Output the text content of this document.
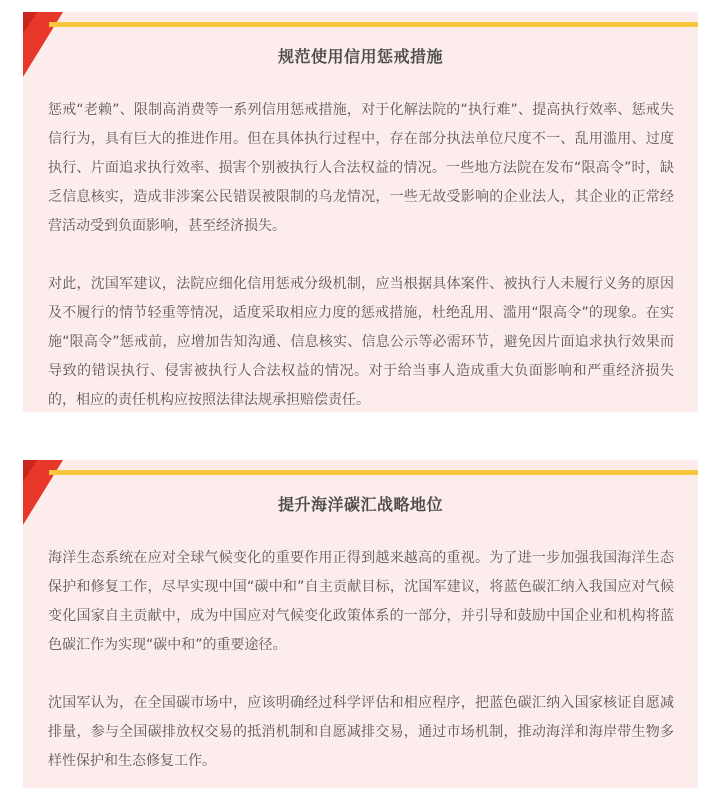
规范使用信用惩戒措施

惩戒“老赖”、限制高消费等一系列信用惩戒措施，对于化解法院的“执行难”、提高执行效率、惩戒失信行为，具有巨大的推进作用。但在具体执行过程中，存在部分执法单位尺度不一、乱用滥用、过度执行、片面追求执行效率、损害个别被执行人合法权益的情况。一些地方法院在发布“限高令”时，缺乏信息核实，造成非涉案公民错误被限制的乌龙情况，一些无故受影响的企业法人，其企业的正常经营活动受到负面影响，甚至经济损失。

对此，沈国军建议，法院应细化信用惩戒分级机制，应当根据具体案件、被执行人未履行义务的原因及不履行的情节轻重等情况，适度采取相应力度的惩戒措施，杜绝乱用、滥用“限高令”的现象。在实施“限高令”惩戒前，应增加告知沟通、信息核实、信息公示等必需环节，避免因片面追求执行效果而导致的错误执行、侵害被执行人合法权益的情况。对于给当事人造成重大负面影响和严重经济损失的，相应的责任机构应按照法律法规承担赔偿责任。

提升海洋碳汇战略地位

海洋生态系统在应对全球气候变化的重要作用正得到越来越高的重视。为了进一步加强我国海洋生态保护和修复工作，尽早实现中国“碳中和”自主贡献目标，沈国军建议，将蓝色碳汇纳入我国应对气候变化国家自主贡献中，成为中国应对气候变化政策体系的一部分，并引导和鼓励中国企业和机构将蓝色碳汇作为实现“碳中和”的重要途径。

沈国军认为，在全国碳市场中，应该明确经过科学评估和相应程序，把蓝色碳汇纳入国家核证自愿减排量，参与全国碳排放权交易的抵消机制和自愿减排交易，通过市场机制，推动海洋和海岸带生物多样性保护和生态修复工作。
